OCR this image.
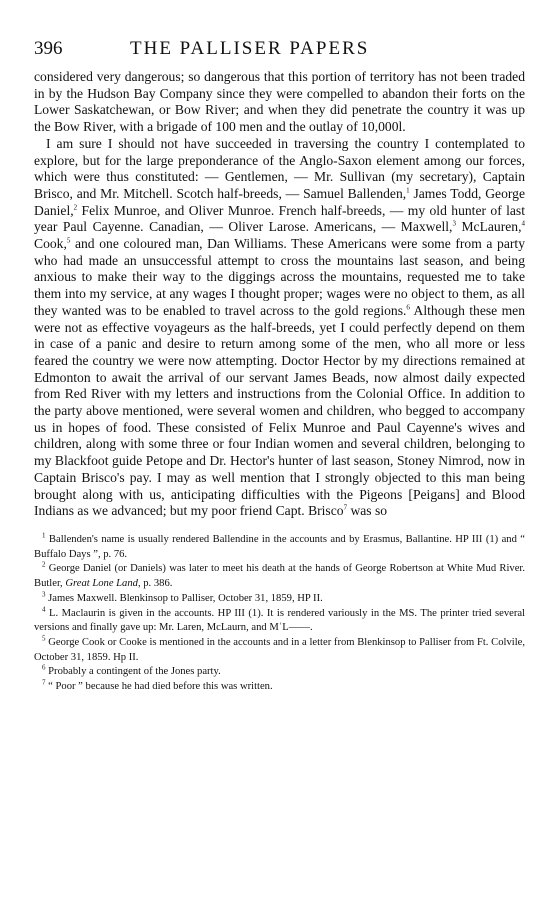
396	THE PALLISER PAPERS

considered very dangerous; so dangerous that this portion of territory has not been traded in by the Hudson Bay Company since they were compelled to abandon their forts on the Lower Saskatchewan, or Bow River; and when they did penetrate the country it was up the Bow River, with a brigade of 100 men and the outlay of 10,000l.

I am sure I should not have succeeded in traversing the country I contemplated to explore, but for the large preponderance of the Anglo-Saxon element among our forces, which were thus constituted: — Gentlemen, — Mr. Sullivan (my secretary), Captain Brisco, and Mr. Mitchell. Scotch half-breeds, — Samuel Ballenden,$^1$ James Todd, George Daniel,$^2$ Felix Munroe, and Oliver Munroe. French half-breeds, — my old hunter of last year Paul Cayenne. Canadian, — Oliver Larose. Americans, — Maxwell,$^3$ McLauren,$^4$ Cook,$^5$ and one coloured man, Dan Williams. These Americans were some from a party who had made an unsuccessful attempt to cross the mountains last season, and being anxious to make their way to the diggings across the mountains, requested me to take them into my service, at any wages I thought proper; wages were no object to them, as all they wanted was to be enabled to travel across to the gold regions.$^6$ Although these men were not as effective voyageurs as the half-breeds, yet I could perfectly depend on them in case of a panic and desire to return among some of the men, who all more or less feared the country we were now attempting. Doctor Hector by my directions remained at Edmonton to await the arrival of our servant James Beads, now almost daily expected from Red River with my letters and instructions from the Colonial Office. In addition to the party above mentioned, were several women and children, who begged to accompany us in hopes of food. These consisted of Felix Munroe and Paul Cayenne's wives and children, along with some three or four Indian women and several children, belonging to my Blackfoot guide Petope and Dr. Hector's hunter of last season, Stoney Nimrod, now in Captain Brisco's pay. I may as well mention that I strongly objected to this man being brought along with us, anticipating difficulties with the Pigeons [Peigans] and Blood Indians as we advanced; but my poor friend Capt. Brisco$^7$ was so

$^1$ Ballenden's name is usually rendered Ballendine in the accounts and by Erasmus, Ballantine. HP III (1) and “ Buffalo Days ”, p. 76.

$^2$ George Daniel (or Daniels) was later to meet his death at the hands of George Robertson at White Mud River. Butler, Great Lone Land, p. 386.

$^3$ James Maxwell. Blenkinsop to Palliser, October 31, 1859, HP II.

$^4$ L. Maclaurin is given in the accounts. HP III (1). It is rendered variously in the MS. The printer tried several versions and finally gave up: Mr. Laren, McLaurn, and MʿL——.

$^5$ George Cook or Cooke is mentioned in the accounts and in a letter from Blenkinsop to Palliser from Ft. Colvile, October 31, 1859. Hp II.

$^6$ Probably a contingent of the Jones party.

$^7$ “ Poor ” because he had died before this was written.
